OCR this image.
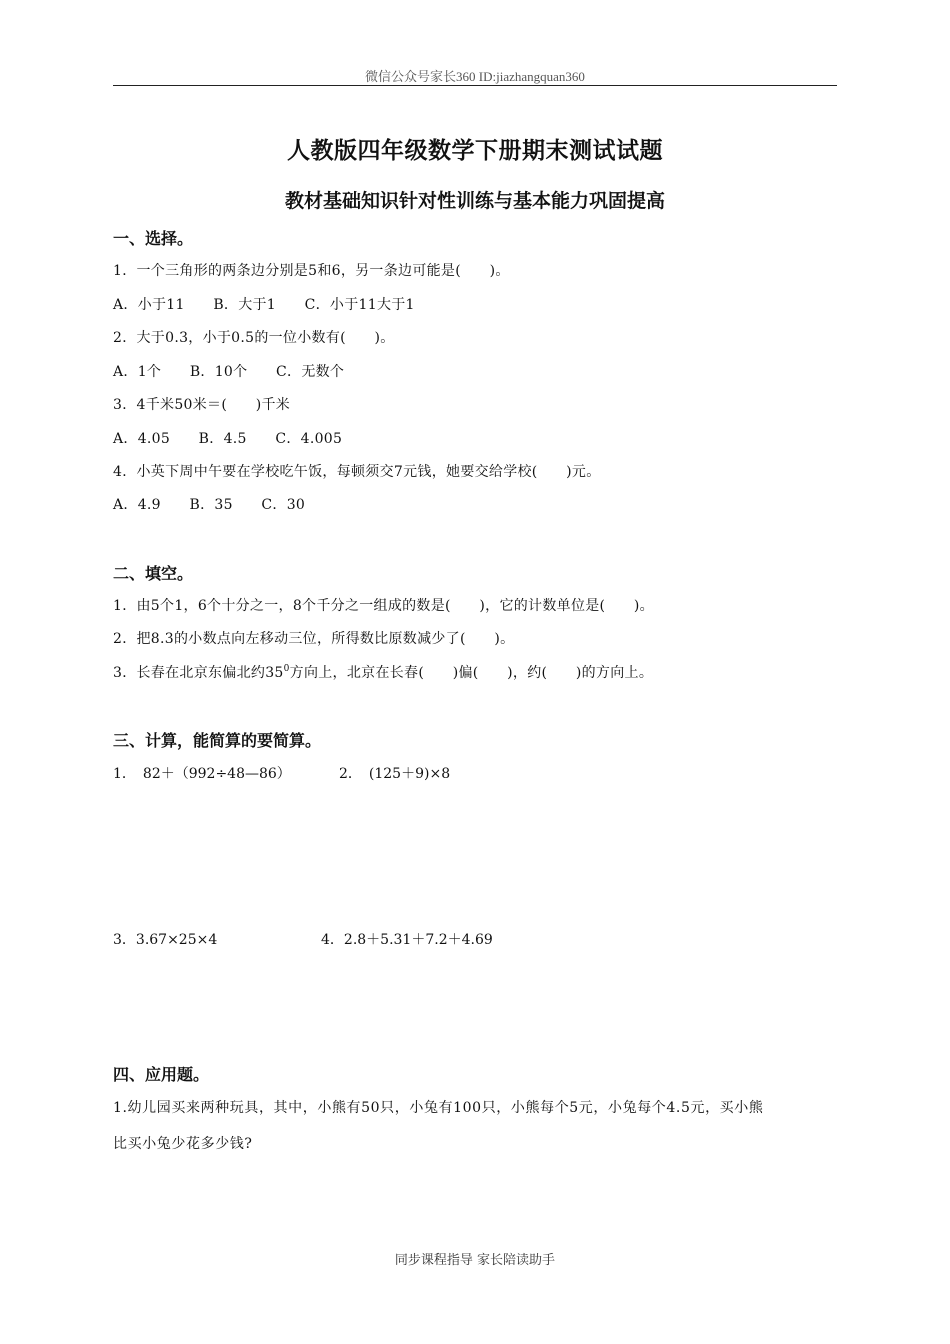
微信公众号家长360 ID:jiazhangquan360
人教版四年级数学下册期末测试试题
教材基础知识针对性训练与基本能力巩固提高
一、选择。
1．一个三角形的两条边分别是5和6，另一条边可能是(　　)。
A．小于11　　B．大于1　　C．小于11大于1
2．大于0.3，小于0.5的一位小数有(　　)。
A．1个　　B．10个　　C．无数个
3．4千米50米＝(　　)千米
A．4.05　　B．4.5　　C．4.005
4．小英下周中午要在学校吃午饭，每顿须交7元钱，她要交给学校(　　)元。
A．4.9　　B．35　　C．30
二、填空。
1．由5个1，6个十分之一，8个千分之一组成的数是(　　)，它的计数单位是(　　)。
2．把8.3的小数点向左移动三位，所得数比原数减少了(　　)。
3．长春在北京东偏北约$35^0$方向上，北京在长春(　　)偏(　　)，约(　　)的方向上。
三、计算，能简算的要简算。
1．　82＋（992÷48—86）	2．　(125＋9)×8
3．3.67×25×4	4．2.8＋5.31＋7.2＋4.69
四、应用题。
1.幼儿园买来两种玩具，其中，小熊有50只，小兔有100只，小熊每个5元，小兔每个4.5元，买小熊
比买小兔少花多少钱?
同步课程指导 家长陪读助手
